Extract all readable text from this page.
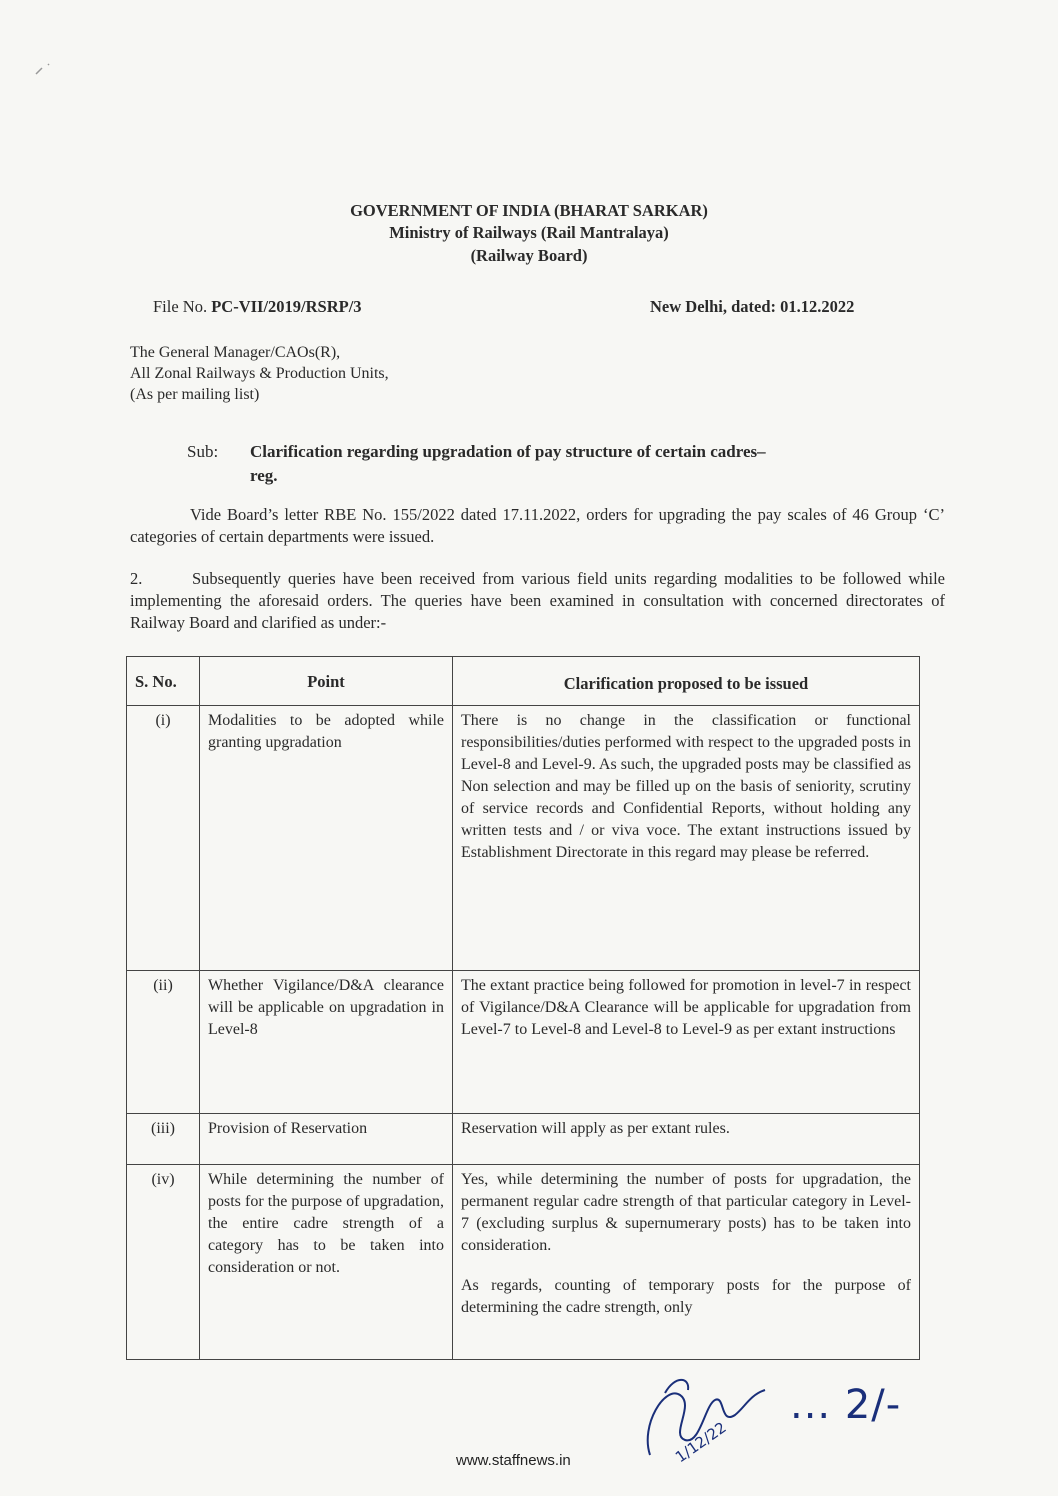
GOVERNMENT OF INDIA (BHARAT SARKAR)
Ministry of Railways (Rail Mantralaya)
(Railway Board)
File No. PC-VII/2019/RSRP/3	New Delhi, dated: 01.12.2022
The General Manager/CAOs(R),
All Zonal Railways & Production Units,
(As per mailing list)
Sub: Clarification regarding upgradation of pay structure of certain cadres–
reg.
Vide Board’s letter RBE No. 155/2022 dated 17.11.2022, orders for upgrading the pay scales of 46 Group ‘C’ categories of certain departments were issued.
2.	Subsequently queries have been received from various field units regarding modalities to be followed while implementing the aforesaid orders. The queries have been examined in consultation with concerned directorates of Railway Board and clarified as under:-
S. No.	Point	Clarification proposed to be issued
(i)	Modalities to be adopted while granting upgradation	There is no change in the classification or functional responsibilities/duties performed with respect to the upgraded posts in Level-8 and Level-9. As such, the upgraded posts may be classified as Non selection and may be filled up on the basis of seniority, scrutiny of service records and Confidential Reports, without holding any written tests and / or viva voce. The extant instructions issued by Establishment Directorate in this regard may please be referred.
(ii)	Whether Vigilance/D&A clearance will be applicable on upgradation in Level-8	The extant practice being followed for promotion in level-7 in respect of Vigilance/D&A Clearance will be applicable for upgradation from Level-7 to Level-8 and Level-8 to Level-9 as per extant instructions
(iii)	Provision of Reservation	Reservation will apply as per extant rules.
(iv)	While determining the number of posts for the purpose of upgradation, the entire cadre strength of a category has to be taken into consideration or not.	Yes, while determining the number of posts for upgradation, the permanent regular cadre strength of that particular category in Level-7 (excluding surplus & supernumerary posts) has to be taken into consideration.
As regards, counting of temporary posts for the purpose of determining the cadre strength, only
1/12/22
... 2/-
www.staffnews.in
